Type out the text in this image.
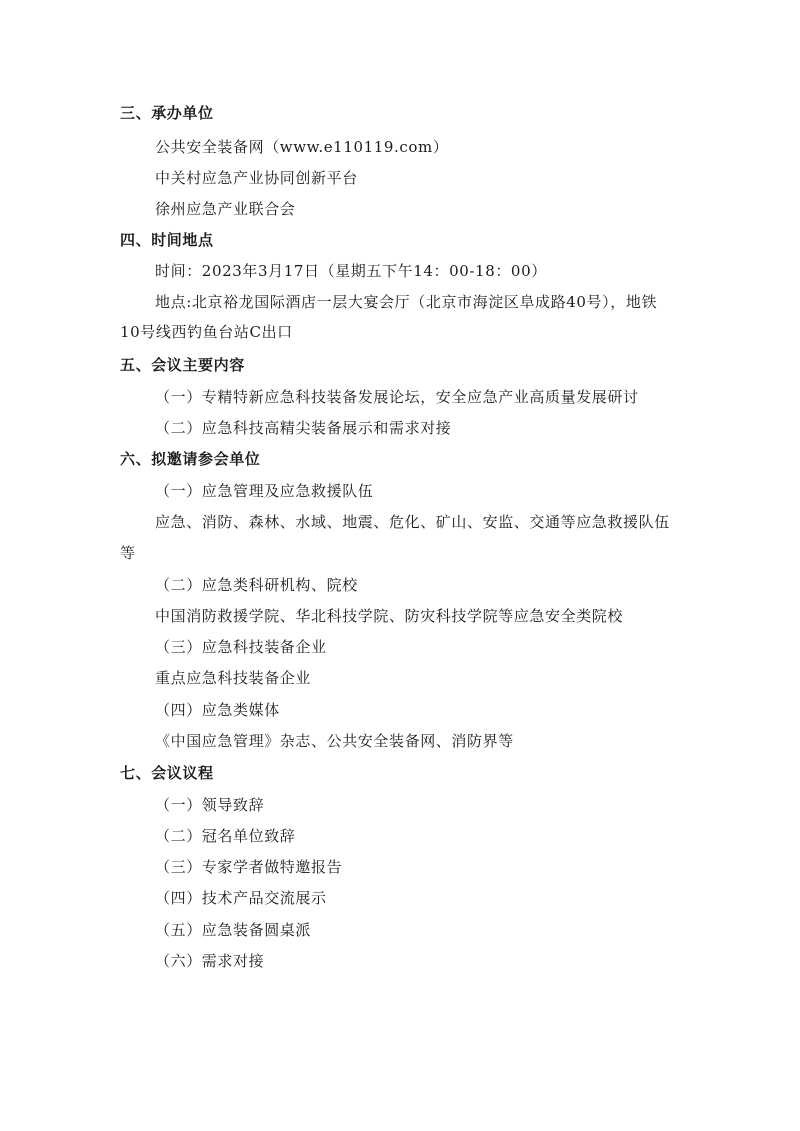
三、承办单位
公共安全装备网（www.e110119.com）
中关村应急产业协同创新平台
徐州应急产业联合会
四、时间地点
时间：2023年3月17日（星期五下午14：00-18：00）
地点:北京裕龙国际酒店一层大宴会厅（北京市海淀区阜成路40号），地铁
10号线西钓鱼台站C出口
五、会议主要内容
（一）专精特新应急科技装备发展论坛，安全应急产业高质量发展研讨
（二）应急科技高精尖装备展示和需求对接
六、拟邀请参会单位
（一）应急管理及应急救援队伍
应急、消防、森林、水域、地震、危化、矿山、安监、交通等应急救援队伍
等
（二）应急类科研机构、院校
中国消防救援学院、华北科技学院、防灾科技学院等应急安全类院校
（三）应急科技装备企业
重点应急科技装备企业
（四）应急类媒体
《中国应急管理》杂志、公共安全装备网、消防界等
七、会议议程
（一）领导致辞
（二）冠名单位致辞
（三）专家学者做特邀报告
（四）技术产品交流展示
（五）应急装备圆桌派
（六）需求对接
